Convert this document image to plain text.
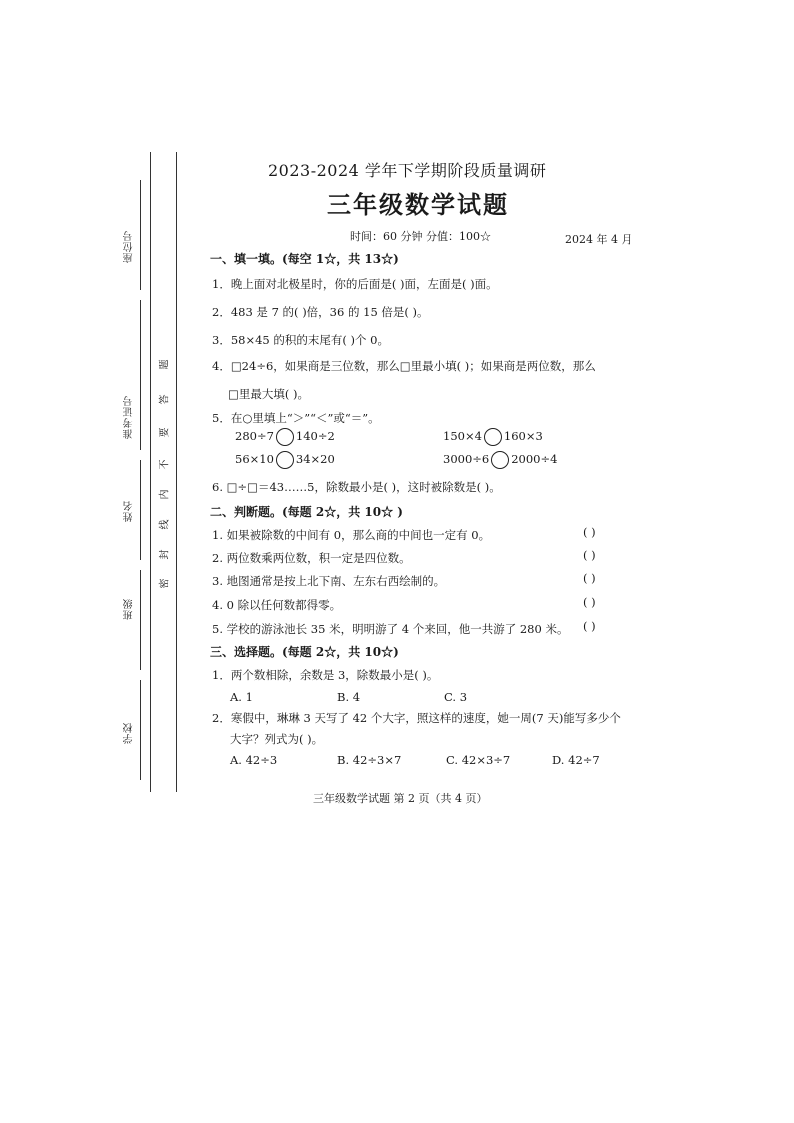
座位号
准考证号
姓名
班级
学校
题
答
要
不
内
线
封
密
2023-2024 学年下学期阶段质量调研
三年级数学试题
时间：60 分钟 分值：100☆	2024 年 4 月
一、填一填。(每空 1☆，共 13☆)
1．晚上面对北极星时，你的后面是( )面，左面是( )面。
2．483 是 7 的( )倍，36 的 15 倍是( )。
3．58×45 的积的末尾有( )个 0。
4．□24÷6，如果商是三位数，那么□里最小填( )；如果商是两位数，那么
□里最大填( )。
5．在○里填上“＞”“＜”或“＝”。
280÷7 140÷2	150×4 160×3
56×10 34×20	3000÷6 2000÷4
6. □÷□＝43……5，除数最小是( )，这时被除数是( )。
二、判断题。(每题 2☆，共 10☆ )
1. 如果被除数的中间有 0，那么商的中间也一定有 0。	( )
2. 两位数乘两位数，积一定是四位数。	( )
3. 地图通常是按上北下南、左东右西绘制的。	( )
4. 0 除以任何数都得零。	( )
5. 学校的游泳池长 35 米，明明游了 4 个来回，他一共游了 280 米。 ( )
三、选择题。(每题 2☆，共 10☆)
1．两个数相除，余数是 3，除数最小是( )。
A. 1	B. 4	C. 3
2．寒假中，琳琳 3 天写了 42 个大字，照这样的速度，她一周(7 天)能写多少个
大字？列式为( )。
A. 42÷3	B. 42÷3×7	C. 42×3÷7	D. 42÷7
三年级数学试题 第 2 页（共 4 页）
